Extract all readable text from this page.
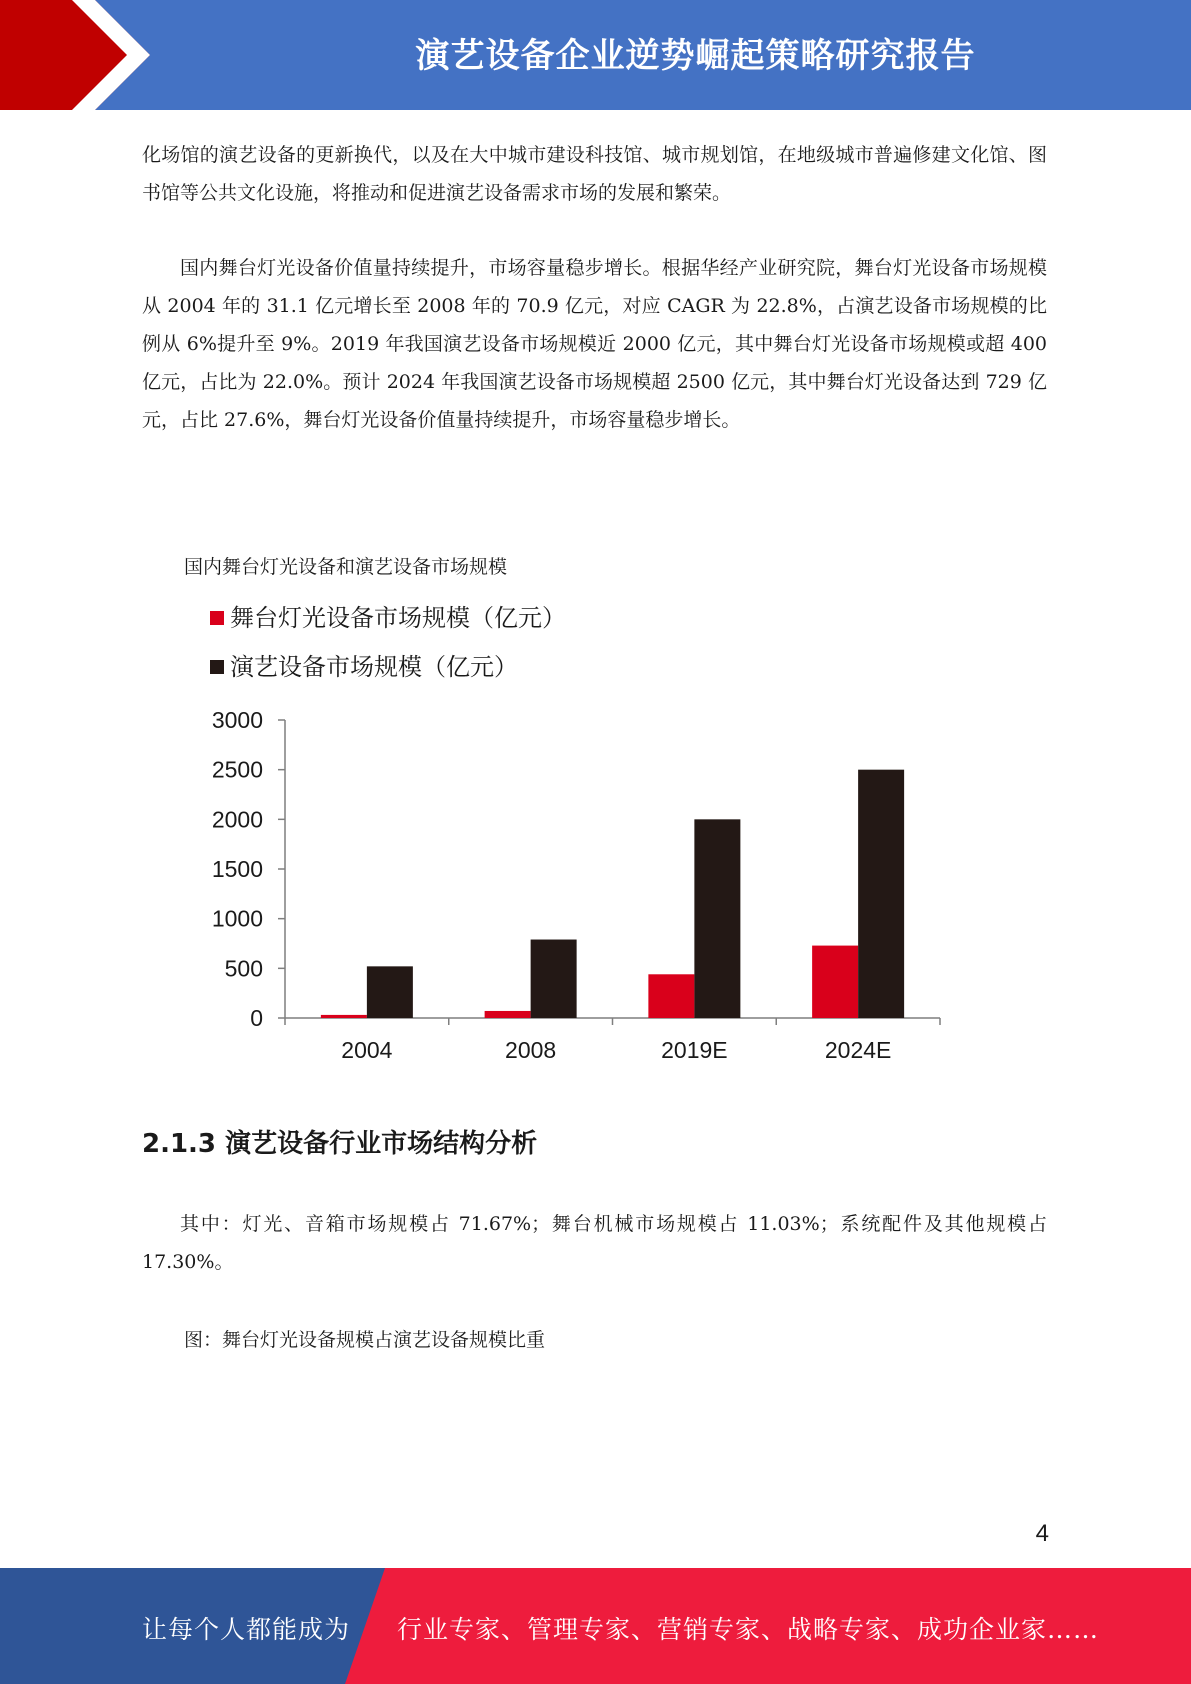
演艺设备企业逆势崛起策略研究报告

化场馆的演艺设备的更新换代，以及在大中城市建设科技馆、城市规划馆，在地级城市普遍修建文化馆、图书馆等公共文化设施，将推动和促进演艺设备需求市场的发展和繁荣。

国内舞台灯光设备价值量持续提升，市场容量稳步增长。根据华经产业研究院，舞台灯光设备市场规模从 2004 年的 31.1 亿元增长至 2008 年的 70.9 亿元，对应 CAGR 为 22.8%，占演艺设备市场规模的比例从 6%提升至 9%。2019 年我国演艺设备市场规模近 2000 亿元，其中舞台灯光设备市场规模或超 400 亿元，占比为 22.0%。预计 2024 年我国演艺设备市场规模超 2500 亿元，其中舞台灯光设备达到 729 亿元，占比 27.6%，舞台灯光设备价值量持续提升，市场容量稳步增长。

国内舞台灯光设备和演艺设备市场规模

舞台灯光设备市场规模（亿元）
演艺设备市场规模（亿元）
0
500
1000
1500
2000
2500
3000
2004	2008	2019E	2024E
2.1.3 演艺设备行业市场结构分析

其中：灯光、音箱市场规模占 71.67%；舞台机械市场规模占 11.03%；系统配件及其他规模占 17.30%。

图：舞台灯光设备规模占演艺设备规模比重

4
让每个人都能成为 行业专家、管理专家、营销专家、战略专家、成功企业家……
